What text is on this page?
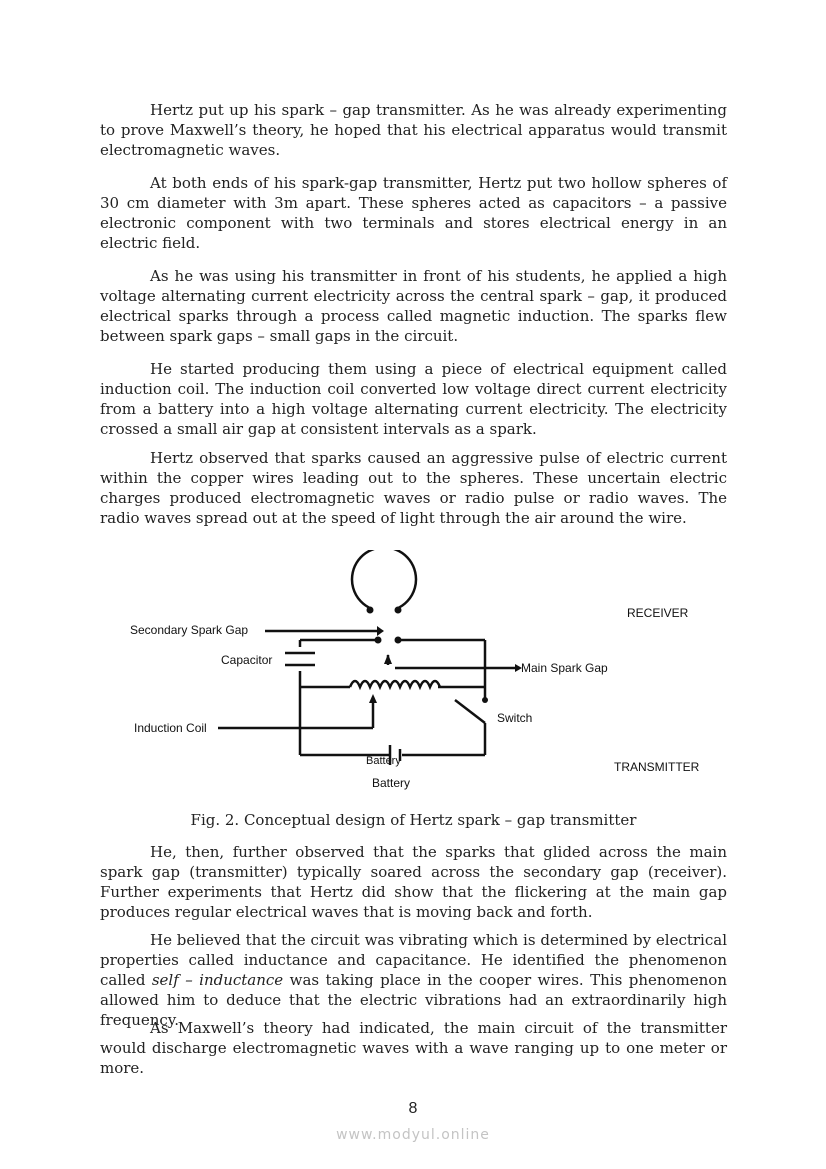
Hertz put up his spark – gap transmitter. As he was already experimenting to prove Maxwell’s theory, he hoped that his electrical apparatus would transmit electromagnetic waves.

At both ends of his spark-gap transmitter, Hertz put two hollow spheres of 30 cm diameter with 3m apart. These spheres acted as capacitors – a passive electronic component with two terminals and stores electrical energy in an electric field.

As he was using his transmitter in front of his students, he applied a high voltage alternating current electricity across the central spark – gap, it produced electrical sparks through a process called magnetic induction. The sparks flew between spark gaps – small gaps in the circuit.

He started producing them using a piece of electrical equipment called induction coil. The induction coil converted low voltage direct current electricity from a battery into a high voltage alternating current electricity. The electricity crossed a small air gap at consistent intervals as a spark.

Hertz observed that sparks caused an aggressive pulse of electric current within the copper wires leading out to the spheres. These uncertain electric charges produced electromagnetic waves or radio pulse or radio waves. The radio waves spread out at the speed of light through the air around the wire.

Secondary Spark Gap
Capacitor
Main Spark Gap
Induction Coil
Switch
RECEIVER
TRANSMITTER
Battery
Battery
Fig. 2. Conceptual design of Hertz spark – gap transmitter

He, then, further observed that the sparks that glided across the main spark gap (transmitter) typically soared across the secondary gap (receiver). Further experiments that Hertz did show that the flickering at the main gap produces regular electrical waves that is moving back and forth.

He believed that the circuit was vibrating which is determined by electrical properties called inductance and capacitance. He identified the phenomenon called self – inductance was taking place in the cooper wires. This phenomenon allowed him to deduce that the electric vibrations had an extraordinarily high frequency.

As Maxwell’s theory had indicated, the main circuit of the transmitter would discharge electromagnetic waves with a wave ranging up to one meter or more.

8
www.modyul.online
